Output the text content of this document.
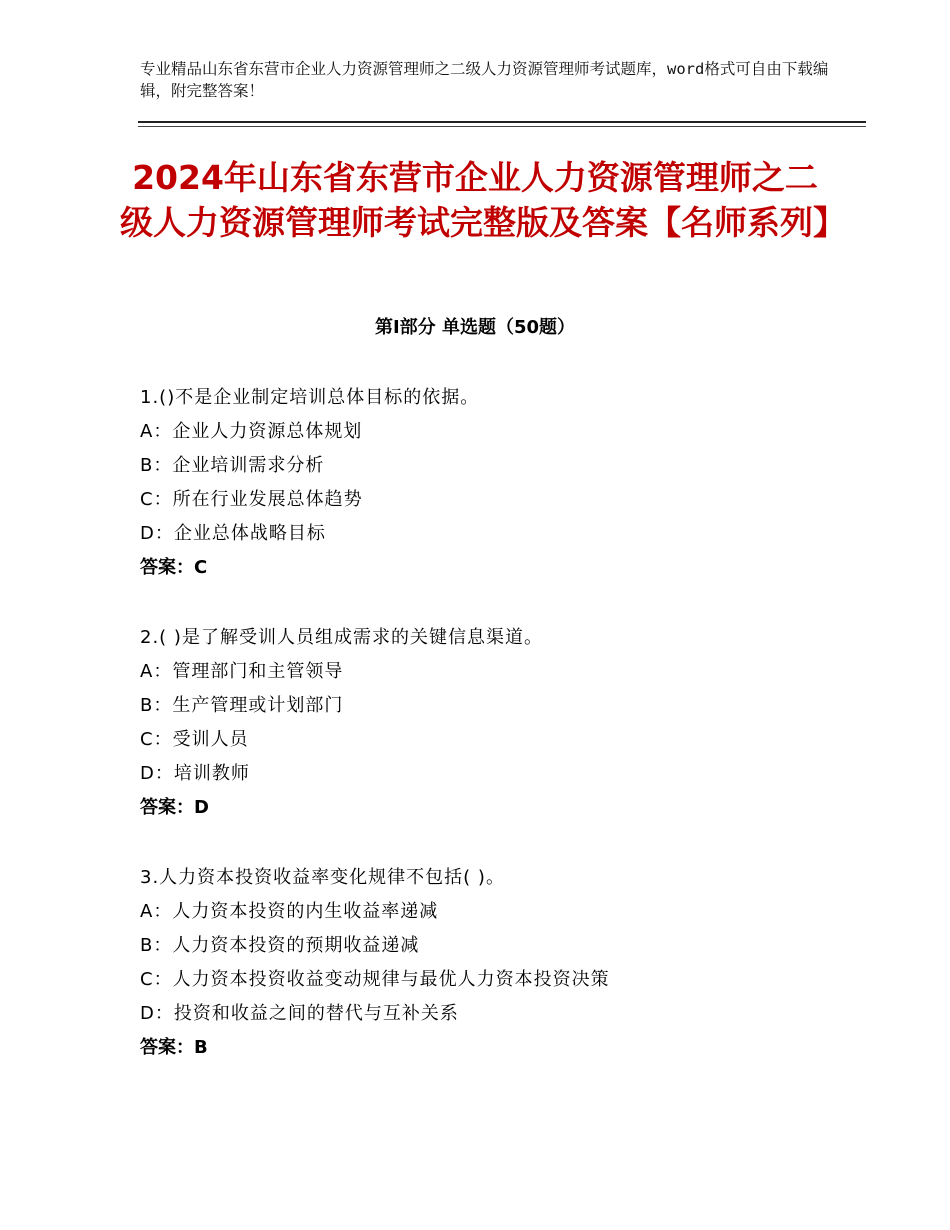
专业精品山东省东营市企业人力资源管理师之二级人力资源管理师考试题库，word格式可自由下载编辑，附完整答案！
2024年山东省东营市企业人力资源管理师之二级人力资源管理师考试完整版及答案【名师系列】
第Ⅰ部分 单选题（50题）
1.()不是企业制定培训总体目标的依据。
A：企业人力资源总体规划
B：企业培训需求分析
C：所在行业发展总体趋势
D：企业总体战略目标
答案：C
2.( )是了解受训人员组成需求的关键信息渠道。
A：管理部门和主管领导
B：生产管理或计划部门
C：受训人员
D：培训教师
答案：D
3.人力资本投资收益率变化规律不包括( )。
A：人力资本投资的内生收益率递减
B：人力资本投资的预期收益递减
C：人力资本投资收益变动规律与最优人力资本投资决策
D：投资和收益之间的替代与互补关系
答案：B
